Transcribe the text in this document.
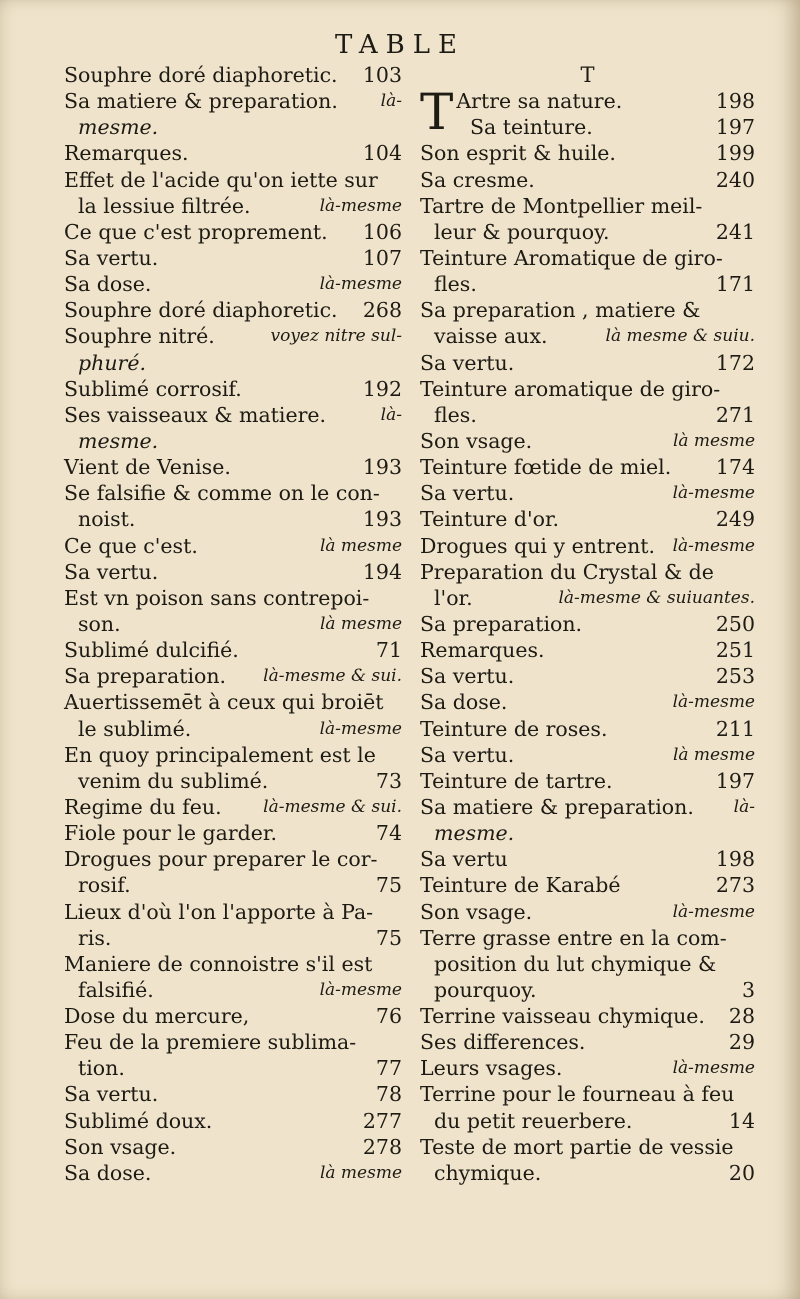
TABLE
Souphre doré diaphoretic. 103
Sa matiere & preparation.	là-
mesme.
Remarques.	104
Effet de l'acide qu'on iette sur
la lessiue filtrée.	là-mesme
Ce que c'est proprement. 106
Sa vertu.	107
Sa dose.	là-mesme
Souphre doré diaphoretic. 268
Souphre nitré.	voyez nitre sul-
phuré.
Sublimé corrosif.	192
Ses vaisseaux & matiere.	là-
mesme.
Vient de Venise.	193
Se falsifie & comme on le con-
noist.	193
Ce que c'est.	là mesme
Sa vertu.	194
Est vn poison sans contrepoi-
son.	là mesme
Sublimé dulcifié.	71
Sa preparation.	là-mesme & sui.
Auertissemēt à ceux qui broiēt
le sublimé.	là-mesme
En quoy principalement est le
venim du sublimé.	73
Regime du feu.	là-mesme & sui.
Fiole pour le garder.	74
Drogues pour preparer le cor-
rosif.	75
Lieux d'où l'on l'apporte à Pa-
ris.	75
Maniere de connoistre s'il est
falsifié.	là-mesme
Dose du mercure,	76
Feu de la premiere sublima-
tion.	77
Sa vertu.	78
Sublimé doux.	277
Son vsage.	278
Sa dose.	là mesme
T
T Artre sa nature.	198
Sa teinture.	197
Son esprit & huile.	199
Sa cresme.	240
Tartre de Montpellier meil-
leur & pourquoy.	241
Teinture Aromatique de giro-
fles.	171
Sa preparation , matiere &
vaisse aux.	là mesme & suiu.
Sa vertu.	172
Teinture aromatique de giro-
fles.	271
Son vsage.	là mesme
Teinture fœtide de miel. 174
Sa vertu.	là-mesme
Teinture d'or.	249
Drogues qui y entrent.	là-mesme
Preparation du Crystal & de
l'or.	là-mesme & suiuantes.
Sa preparation.	250
Remarques.	251
Sa vertu.	253
Sa dose.	là-mesme
Teinture de roses.	211
Sa vertu.	là mesme
Teinture de tartre.	197
Sa matiere & preparation.	là-
mesme.
Sa vertu	198
Teinture de Karabé	273
Son vsage.	là-mesme
Terre grasse entre en la com-
position du lut chymique &
pourquoy.	3
Terrine vaisseau chymique. 28
Ses differences.	29
Leurs vsages.	là-mesme
Terrine pour le fourneau à feu
du petit reuerbere.	14
Teste de mort partie de vessie
chymique.	20
